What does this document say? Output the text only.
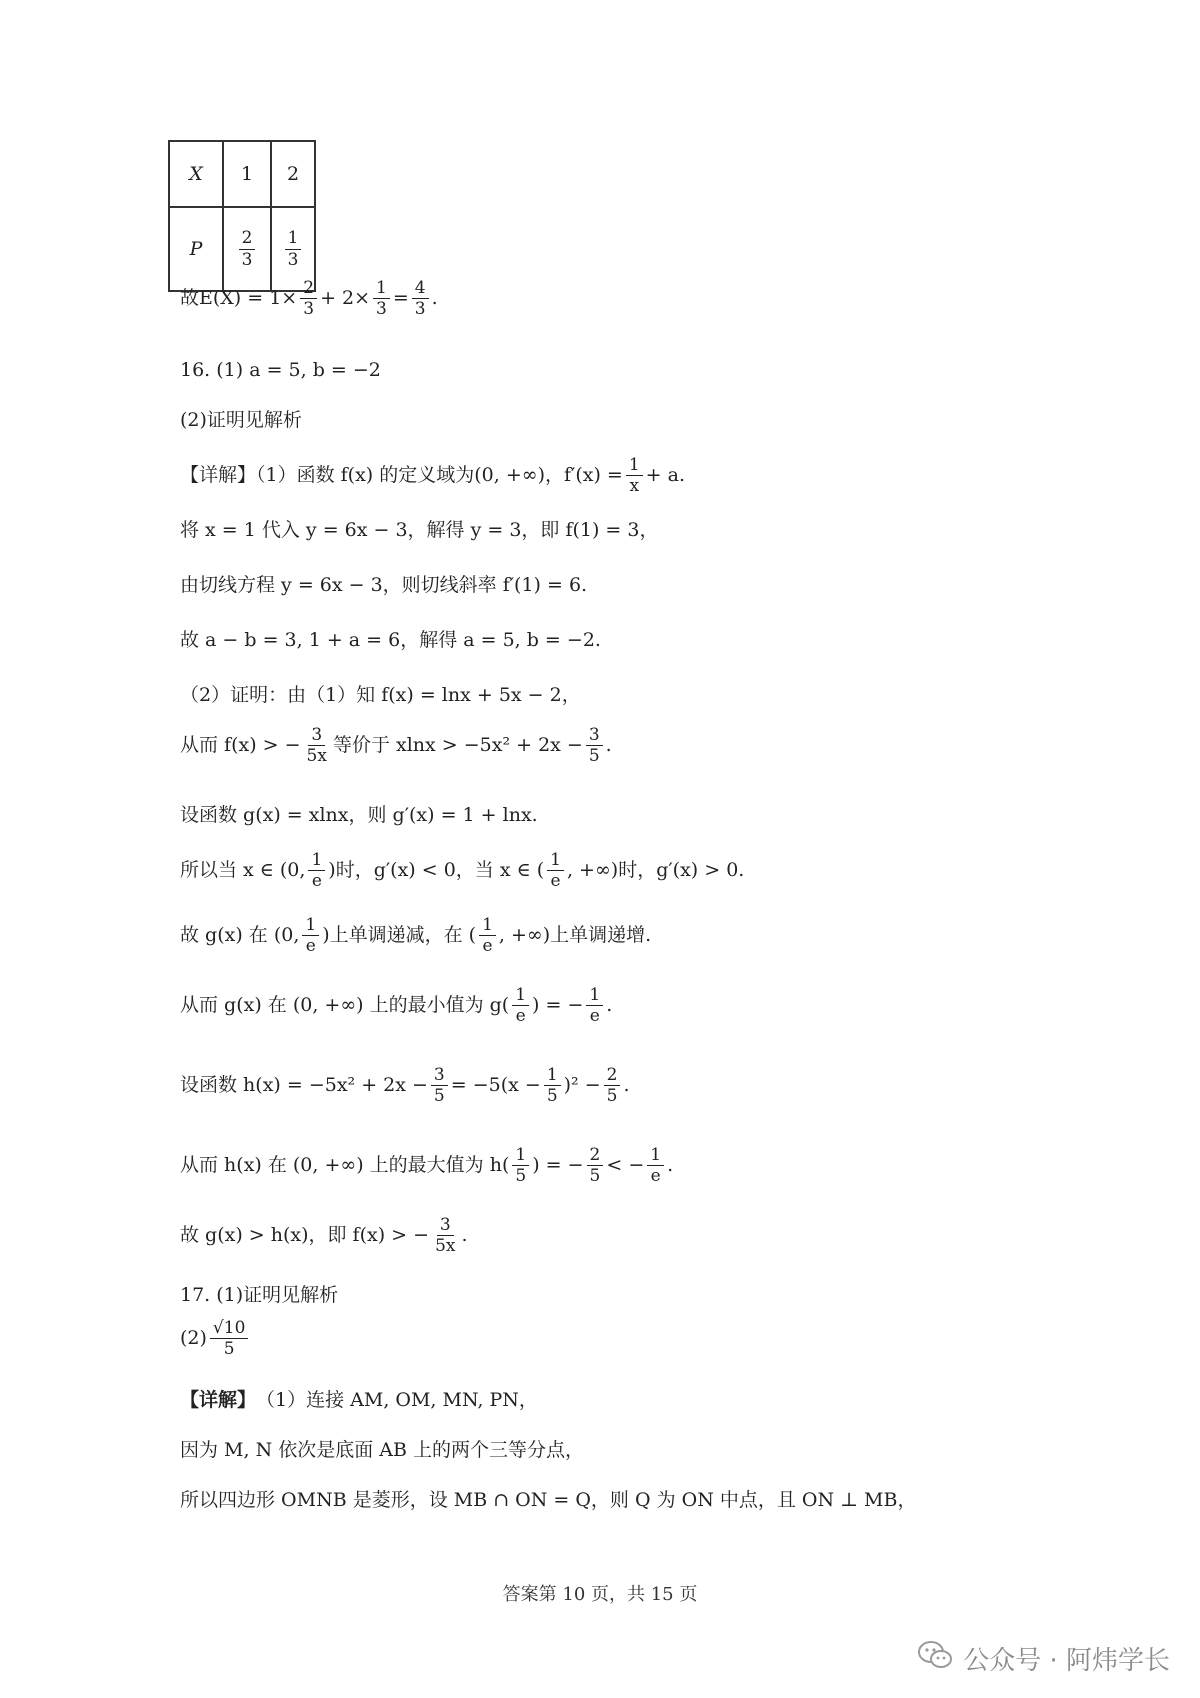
X	1	2
P	$\frac{2}{3}$	$\frac{1}{3}$
故$E(X) = 1\times \frac{2}{3} + 2\times \frac{1}{3} = \frac{4}{3}$ .
16. (1) a = 5, b = −2
(2)证明见解析
【详解】（1）函数 f(x) 的定义域为(0, +∞)，$f'(x) = \frac{1}{x} + a$.
将 x = 1 代入 y = 6x − 3，解得 y = 3，即 f(1) = 3，
由切线方程 y = 6x − 3，则切线斜率 f′(1) = 6.
故 a − b = 3, 1 + a = 6，解得 a = 5, b = −2.
（2）证明：由（1）知 f(x) = lnx + 5x − 2，
从而 f(x) > − $\frac{3}{5x}$ 等价于 $xlnx > -5x^2 + 2x - \frac{3}{5}$ .
设函数 g(x) = xlnx，则 g′(x) = 1 + lnx.
所以当 x ∈ (0, $\frac{1}{e}$ )时，g′(x) < 0，当 x ∈ ( $\frac{1}{e}$ , +∞)时，g′(x) > 0.
故 g(x) 在 (0, $\frac{1}{e}$ )上单调递减，在 ( $\frac{1}{e}$ , +∞)上单调递增.
从而 g(x) 在 (0, +∞) 上的最小值为 $g( \frac{1}{e}$ ) = − $\frac{1}{e}$ .
设函数 $h(x) = -5x^2 + 2x - \frac{3}{5} = -5(x - \frac{1}{5} )^2 - \frac{2}{5}$ .
从而 h(x) 在 (0, +∞) 上的最大值为 $h( \frac{1}{5}$ ) = − $\frac{2}{5}$ < − $\frac{1}{e}$ .
故 g(x) > h(x)，即 f(x) > − $\frac{3}{5x}$ .
17. (1)证明见解析
$(2) \frac{√10}{5}$
【详解】 （1）连接 AM, OM, MN, PN，
因为 M, N 依次是底面 AB 上的两个三等分点，
所以四边形 OMNB 是菱形，设 MB ∩ ON = Q，则 Q 为 ON 中点，且 ON ⊥ MB，
答案第 10 页，共 15 页
公众号 · 阿炜学长
